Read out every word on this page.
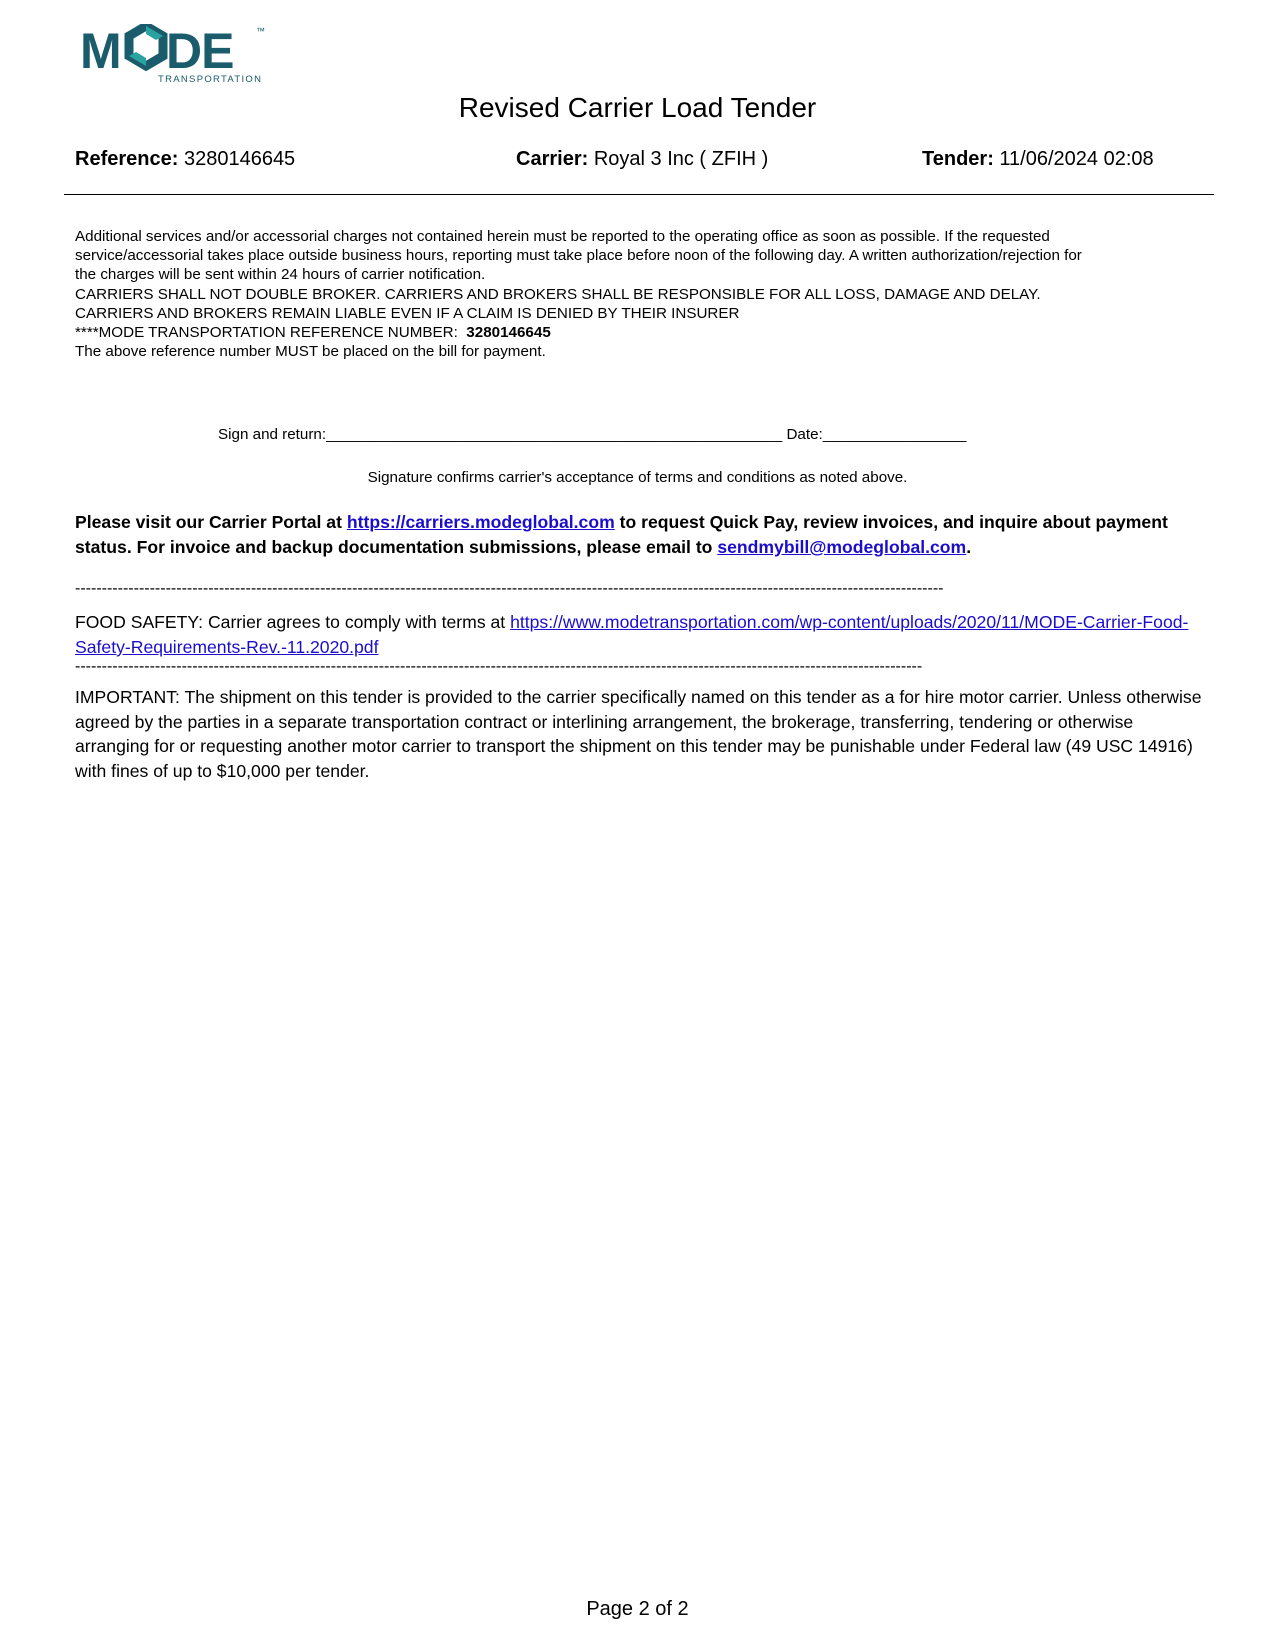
M DE	™
TRANSPORTATION
Revised Carrier Load Tender
Reference: 3280146645	Carrier: Royal 3 Inc ( ZFIH )	Tender: 11/06/2024 02:08
Additional services and/or accessorial charges not contained herein must be reported to the operating office as soon as possible. If the requested
service/accessorial takes place outside business hours, reporting must take place before noon of the following day. A written authorization/rejection for
the charges will be sent within 24 hours of carrier notification.
CARRIERS SHALL NOT DOUBLE BROKER. CARRIERS AND BROKERS SHALL BE RESPONSIBLE FOR ALL LOSS, DAMAGE AND DELAY.
CARRIERS AND BROKERS REMAIN LIABLE EVEN IF A CLAIM IS DENIED BY THEIR INSURER
****MODE TRANSPORTATION REFERENCE NUMBER: 3280146645
The above reference number MUST be placed on the bill for payment.
Sign and return:______________________________________________________ Date:_________________
Signature confirms carrier's acceptance of terms and conditions as noted above.
Please visit our Carrier Portal at https://carriers.modeglobal.com to request Quick Pay, review invoices, and inquire about payment status. For invoice and backup documentation submissions, please email to sendmybill@modeglobal.com.
-------------------------------------------------------------------------------------------------------------------------------------------------------------------
FOOD SAFETY: Carrier agrees to comply with terms at https://www.modetransportation.com/wp-content/uploads/2020/11/MODE-Carrier-Food-Safety-Requirements-Rev.-11.2020.pdf
---------------------------------------------------------------------------------------------------------------------------------------------------------------
IMPORTANT: The shipment on this tender is provided to the carrier specifically named on this tender as a for hire motor carrier. Unless otherwise agreed by the parties in a separate transportation contract or interlining arrangement, the brokerage, transferring, tendering or otherwise arranging for or requesting another motor carrier to transport the shipment on this tender may be punishable under Federal law (49 USC 14916) with fines of up to $10,000 per tender.
Page 2 of 2
